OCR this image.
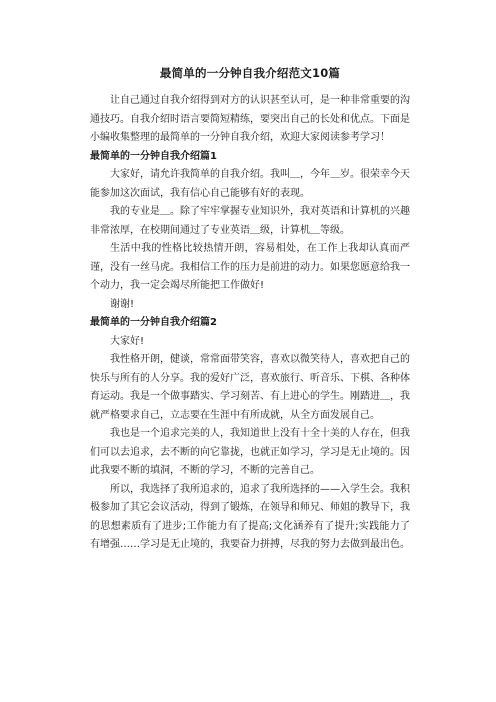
最简单的一分钟自我介绍范文10篇

让自己通过自我介绍得到对方的认识甚至认可，是一种非常重要的沟通技巧。自我介绍时语言要简短精练，要突出自己的长处和优点。下面是小编收集整理的最简单的一分钟自我介绍，欢迎大家阅读参考学习！

最简单的一分钟自我介绍篇1

大家好，请允许我简单的自我介绍。我叫＿，今年＿岁。很荣幸今天能参加这次面试，我有信心自己能够有好的表现。

我的专业是＿。除了牢牢掌握专业知识外，我对英语和计算机的兴趣非常浓厚，在校期间通过了专业英语＿级，计算机＿等级。

生活中我的性格比较热情开朗，容易相处，在工作上我却认真而严谨，没有一丝马虎。我相信工作的压力是前进的动力。如果您愿意给我一个动力，我一定会竭尽所能把工作做好!

谢谢!

最简单的一分钟自我介绍篇2

大家好!

我性格开朗，健谈，常常面带笑容，喜欢以微笑待人，喜欢把自己的快乐与所有的人分享。我的爱好广泛，喜欢旅行、听音乐、下棋、各种体育运动。我是一个做事踏实、学习刻苦、有上进心的学生。刚踏进＿，我就严格要求自己，立志要在生涯中有所成就，从全方面发展自己。

我也是一个追求完美的人，我知道世上没有十全十美的人存在，但我们可以去追求，去不断的向它靠拢，也就正如学习，学习是无止境的。因此我要不断的填洞，不断的学习，不断的完善自己。

所以，我选择了我所追求的，追求了我所选择的——入学生会。我积极参加了其它会议活动，得到了锻炼，在领导和师兄、师姐的教导下，我的思想素质有了进步;工作能力有了提高;文化涵养有了提升;实践能力了有增强……学习是无止境的，我要奋力拼搏，尽我的努力去做到最出色。
